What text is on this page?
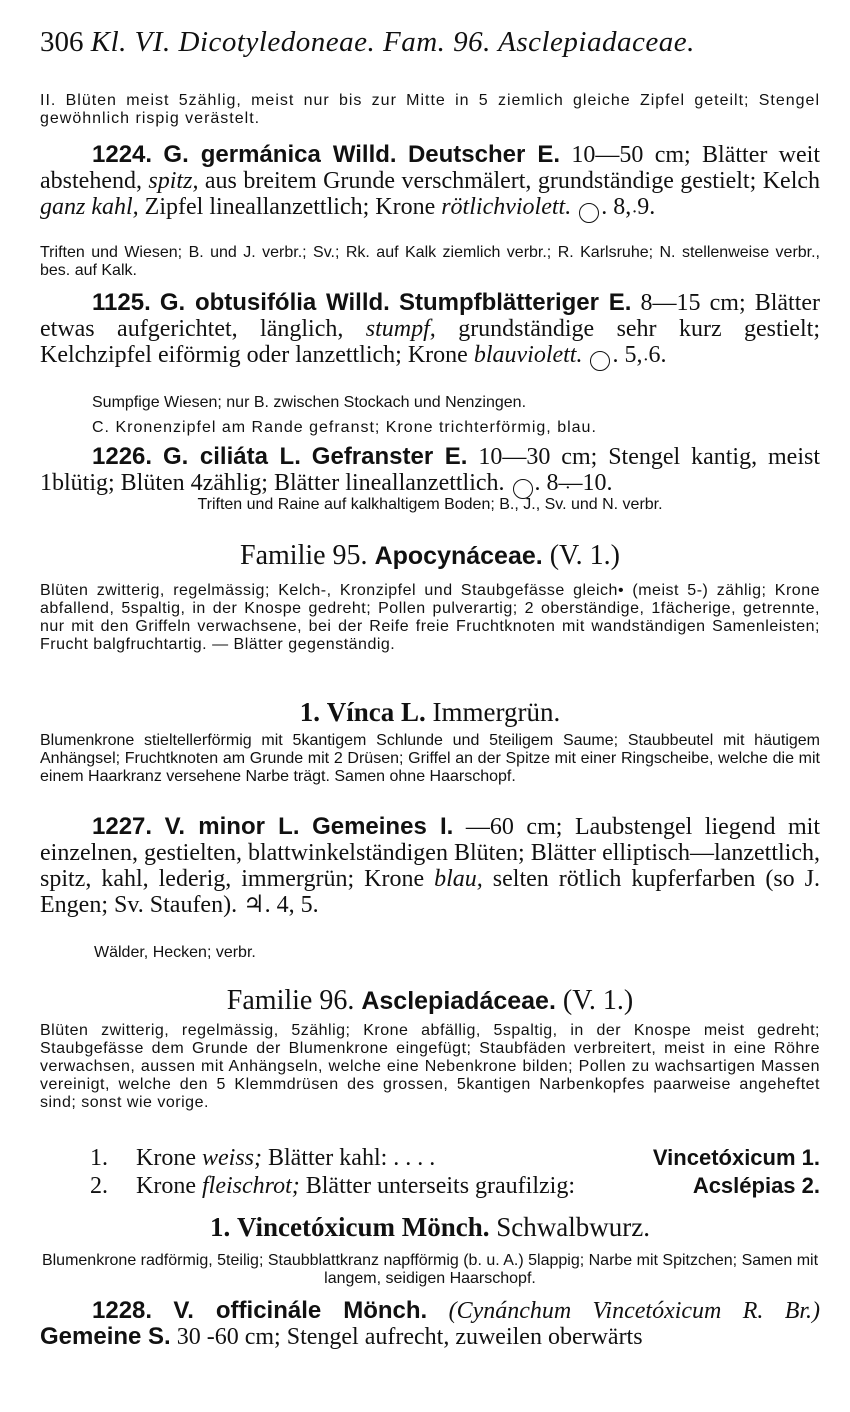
306 Kl. VI. Dicotyledoneae. Fam. 96. Asclepiadaceae.
II. Blüten meist 5zählig, meist nur bis zur Mitte in 5 ziemlich gleiche Zipfel geteilt; Stengel gewöhnlich rispig verästelt.
1224. G. germánica Willd. Deutscher E. 10—50 cm; Blätter weit abstehend, spitz, aus breitem Grunde verschmälert, grundständige gestielt; Kelch ganz kahl, Zipfel lineallanzettlich; Krone rötlichviolett. · . 8, 9.
Triften und Wiesen; B. und J. verbr.; Sv.; Rk. auf Kalk ziemlich verbr.; R. Karlsruhe; N. stellenweise verbr., bes. auf Kalk.
1125. G. obtusifólia Willd. Stumpfblätteriger E. 8—15 cm; Blätter etwas aufgerichtet, länglich, stumpf, grundständige sehr kurz gestielt; Kelchzipfel eiförmig oder lanzettlich; Krone blauviolett. · . 5, 6.
Sumpfige Wiesen; nur B. zwischen Stockach und Nenzingen.
C. Kronenzipfel am Rande gefranst; Krone trichterförmig, blau.
1226. G. ciliáta L. Gefranster E. 10—30 cm; Stengel kantig, meist 1blütig; Blüten 4zählig; Blätter lineallanzettlich. · . 8—10.
Triften und Raine auf kalkhaltigem Boden; B., J., Sv. und N. verbr.
Familie 95. Apocynáceae. (V. 1.)
Blüten zwitterig, regelmässig; Kelch-, Kronzipfel und Staubgefässe gleich• (meist 5-) zählig; Krone abfallend, 5spaltig, in der Knospe gedreht; Pollen pulverartig; 2 oberständige, 1fächerige, getrennte, nur mit den Griffeln verwachsene, bei der Reife freie Fruchtknoten mit wandständigen Samenleisten; Frucht balgfruchtartig. — Blätter gegenständig.
1. Vínca L. Immergrün.
Blumenkrone stieltellerförmig mit 5kantigem Schlunde und 5teiligem Saume; Staubbeutel mit häutigem Anhängsel; Fruchtknoten am Grunde mit 2 Drüsen; Griffel an der Spitze mit einer Ringscheibe, welche die mit einem Haarkranz versehene Narbe trägt. Samen ohne Haarschopf.
1227. V. minor L. Gemeines I. —60 cm; Laubstengel liegend mit einzelnen, gestielten, blattwinkelständigen Blüten; Blätter elliptisch—lanzettlich, spitz, kahl, lederig, immergrün; Krone blau, selten rötlich kupferfarben (so J. Engen; Sv. Staufen). ♃. 4, 5.
Wälder, Hecken; verbr.
Familie 96. Asclepiadáceae. (V. 1.)
Blüten zwitterig, regelmässig, 5zählig; Krone abfällig, 5spaltig, in der Knospe meist gedreht; Staubgefässe dem Grunde der Blumenkrone eingefügt; Staubfäden verbreitert, meist in eine Röhre verwachsen, aussen mit Anhängseln, welche eine Nebenkrone bilden; Pollen zu wachsartigen Massen vereinigt, welche den 5 Klemmdrüsen des grossen, 5kantigen Narbenkopfes paarweise angeheftet sind; sonst wie vorige.
1. Krone weiss; Blätter kahl: . . . .	Vincetóxicum 1.
2. Krone fleischrot; Blätter unterseits graufilzig:	Acslépias 2.
1. Vincetóxicum Mönch. Schwalbwurz.
Blumenkrone radförmig, 5teilig; Staubblattkranz napfförmig (b. u. A.) 5lappig; Narbe mit Spitzchen; Samen mit langem, seidigen Haarschopf.
1228. V. officinále Mönch. (Cynánchum Vincetóxicum R. Br.) Gemeine S. 30 -60 cm; Stengel aufrecht, zuweilen oberwärts
